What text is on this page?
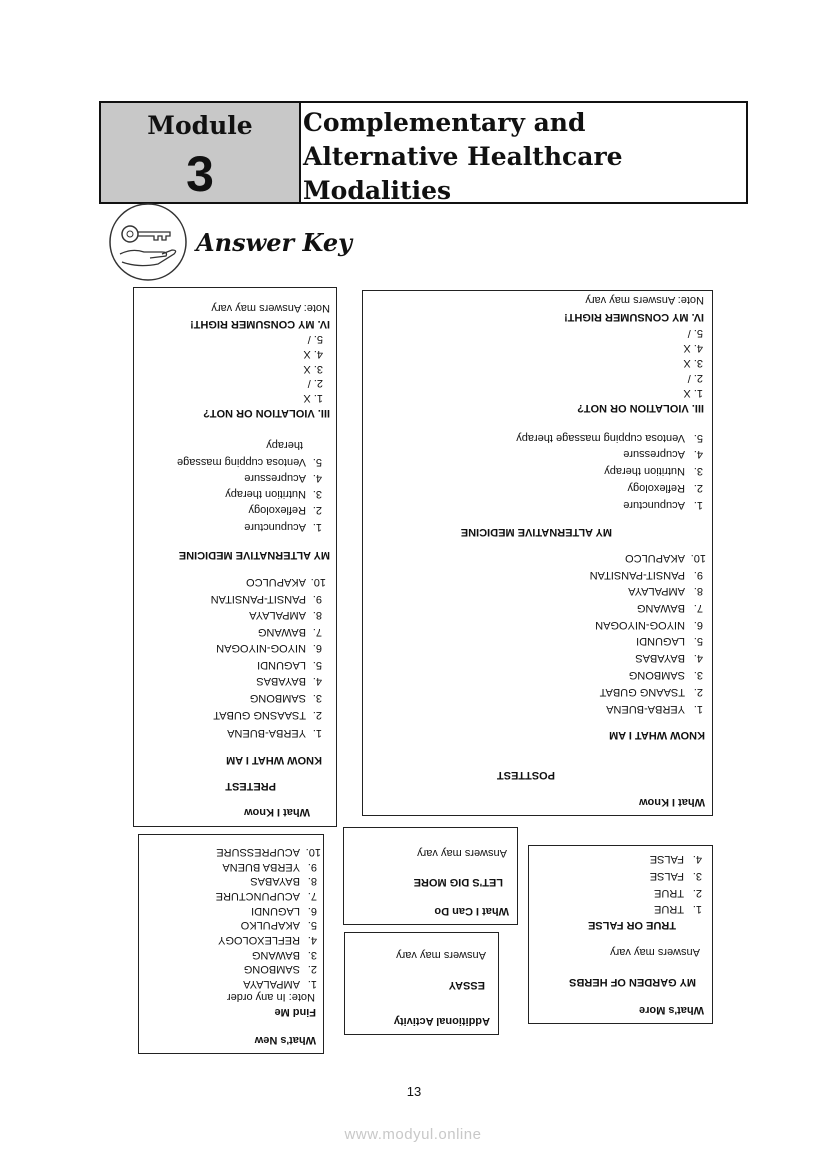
Module
3
Complementary and
Alternative Healthcare
Modalities
Answer Key
What I Know
PRETEST
KNOW WHAT I AM
1.
YERBA-BUENA
2.
TSAASNG GUBAT
3.
SAMBONG
4.
BAYABAS
5.
LAGUNDI
6.
NIYOG-NIYOGAN
7.
BAWANG
8.
AMPALAYA
9.
PANSIT-PANSITAN
10.
AKAPULCO
MY ALTERNATIVE MEDICINE
1.
Acupuncture
2.
Reflexology
3.
Nutrition therapy
4.
Acupressure
5.
Ventosa cupping massage
therapy
III. VIOLATION OR NOT?
1. X
2. /
3. X
4. X
5. /
IV. MY CONSUMER RIGHT!
Note: Answers may vary
What I Know
POSTTEST
KNOW WHAT I AM
1.
YERBA-BUENA
2.
TSAANG GUBAT
3.
SAMBONG
4.
BAYABAS
5.
LAGUNDI
6.
NIYOG-NIYOGAN
7.
BAWANG
8.
AMPALAYA
9.
PANSIT-PANSITAN
10.
AKAPULCO
MY ALTERNATIVE MEDICINE
1.
Acupuncture
2.
Reflexology
3.
Nutrition therapy
4.
Acupressure
5.
Ventosa cupping massage therapy
III. VIOLATION OR NOT?
1. X
2. /
3. X
4. X
5. /
IV. MY CONSUMER RIGHT!
Note: Answers may vary
What's New
Find Me
Note: In any order
1.
AMPALAYA
2.
SAMBONG
3.
BAWANG
4.
REFLEXOLOGY
5.
AKAPULKO
6.
LAGUNDI
7.
ACUPUNCTURE
8.
BAYABAS
9.
YERBA BUENA
10.
ACUPRESSURE
What I Can Do
LET'S DIG MORE
Answers may vary
Additional Activity
ESSAY
Answers may vary
What's More
MY GARDEN OF HERBS
Answers may vary
TRUE OR FALSE
1.
TRUE
2.
TRUE
3.
FALSE
4.
FALSE
13
www.modyul.online
